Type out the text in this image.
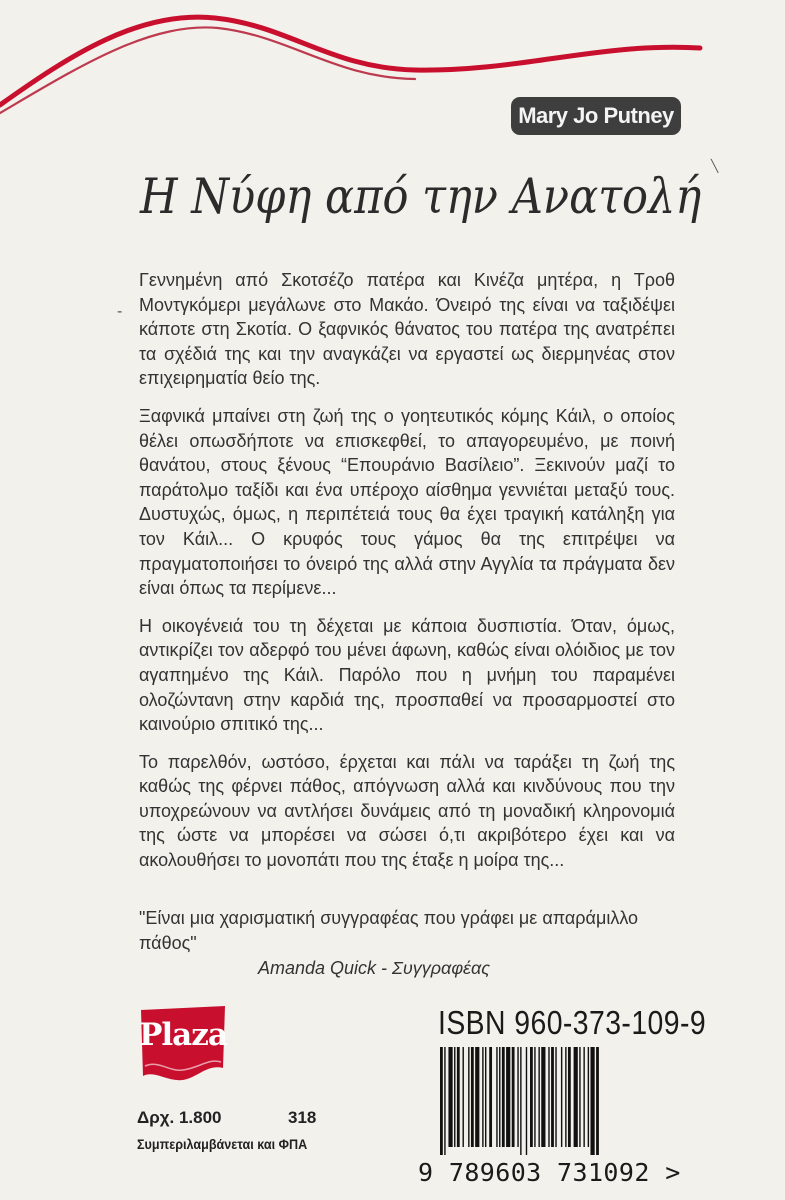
╲
Mary Jo Putney
Η Νύφη από την Ανατολή
-

Γεννημένη από Σκοτσέζο πατέρα και Κινέζα μητέρα, η Τροθ Μοντγκόμερι μεγάλωνε στο Μακάο. Όνειρό της είναι να ταξιδέψει κάποτε στη Σκοτία. Ο ξαφνικός θάνατος του πατέρα της ανατρέπει τα σχέδιά της και την αναγκάζει να εργαστεί ως διερμηνέας στον επιχειρηματία θείο της.

Ξαφνικά μπαίνει στη ζωή της ο γοητευτικός κόμης Κάιλ, ο οποίος θέλει οπωσδήποτε να επισκεφθεί, το απαγορευμένο, με ποινή θανάτου, στους ξένους “Επουράνιο Βασίλειο”. Ξεκινούν μαζί το παράτολμο ταξίδι και ένα υπέροχο αίσθημα γεννιέται μεταξύ τους. Δυστυχώς, όμως, η περιπέτειά τους θα έχει τραγική κατάληξη για τον Κάιλ... Ο κρυφός τους γάμος θα της επιτρέψει να πραγματοποιήσει το όνειρό της αλλά στην Αγγλία τα πράγματα δεν είναι όπως τα περίμενε...

Η οικογένειά του τη δέχεται με κάποια δυσπιστία. Όταν, όμως, αντικρίζει τον αδερφό του μένει άφωνη, καθώς είναι ολόιδιος με τον αγαπημένο της Κάιλ. Παρόλο που η μνήμη του παραμένει ολοζώντανη στην καρδιά της, προσπαθεί να προσαρμοστεί στο καινούριο σπιτικό της...

Το παρελθόν, ωστόσο, έρχεται και πάλι να ταράξει τη ζωή της καθώς της φέρνει πάθος, απόγνωση αλλά και κινδύνους που την υποχρεώνουν να αντλήσει δυνάμεις από τη μοναδική κληρονομιά της ώστε να μπορέσει να σώσει ό,τι ακριβότερο έχει και να ακολουθήσει το μονοπάτι που της έταξε η μοίρα της...

"Είναι μια χαρισματική συγγραφέας που γράφει με απαράμιλλο πάθος"
Amanda Quick - Συγγραφέας
Plaza
Δρχ. 1.800	318
Συμπεριλαμβάνεται και ΦΠΑ
ISBN 960-373-109-9
9 789603 731092 >
